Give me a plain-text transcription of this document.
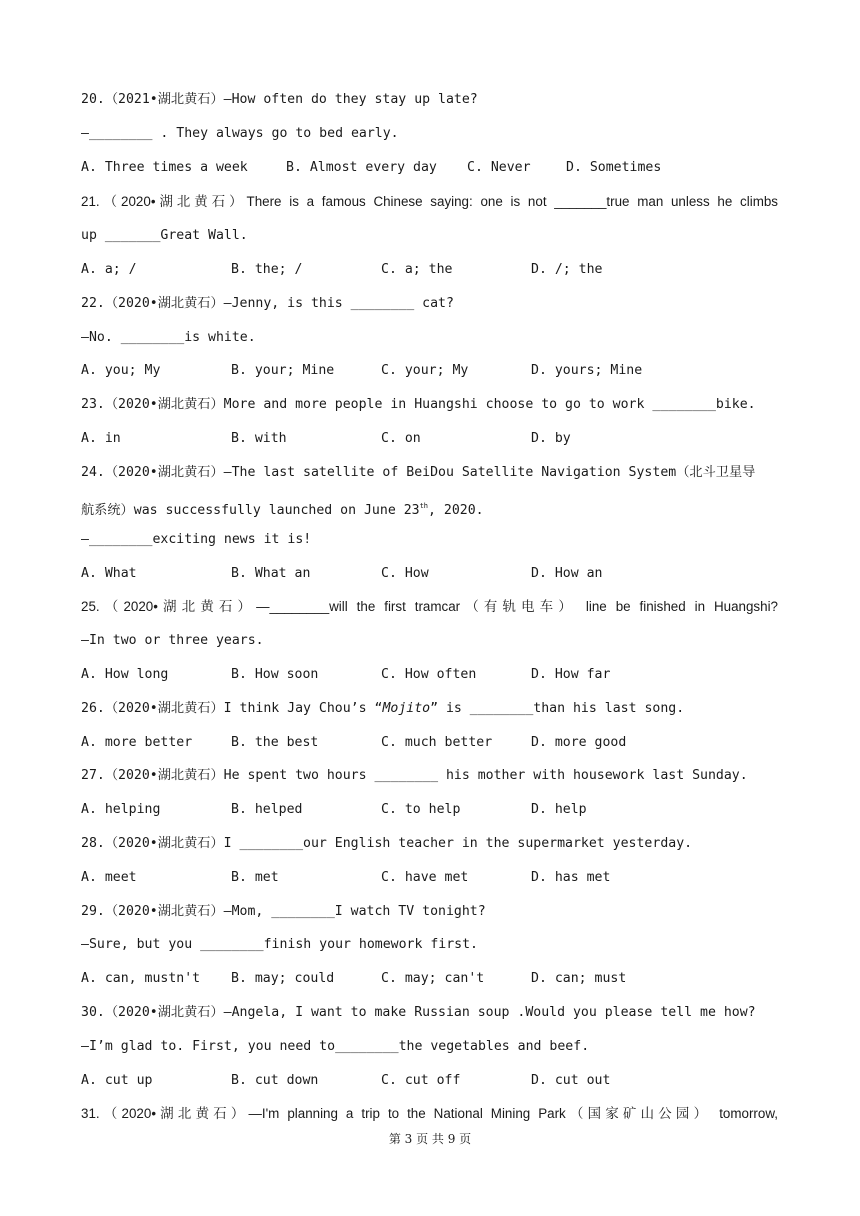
20.（2021•湖北黄石）—How often do they stay up late?
—________ . They always go to bed early.
A. Three times a week	B. Almost every day C. Never	D. Sometimes
21.（2020•湖北黄石）There is a famous Chinese saying: one is not _______true man unless he climbs
up _______Great Wall.
A. a; /	B. the; /	C. a; the	D. /; the
22.（2020•湖北黄石）—Jenny, is this ________ cat?
—No. ________is white.
A. you; My	B. your; Mine	C. your; My	D. yours; Mine
23.（2020•湖北黄石）More and more people in Huangshi choose to go to work ________bike.
A. in	B. with	C. on	D. by
24.（2020•湖北黄石）—The last satellite of BeiDou Satellite Navigation System（北斗卫星导
航系统）was successfully launched on June 23th, 2020.
—________exciting news it is!
A. What	B. What an	C. How	D. How an
25.（2020•湖北黄石）—________will the first tramcar（有轨电车） line be finished in Huangshi?
—In two or three years.
A. How long	B. How soon	C. How often	D. How far
26.（2020•湖北黄石）I think Jay Chou’s “Mojito” is ________than his last song.
A. more better	B. the best	C. much better	D. more good
27.（2020•湖北黄石）He spent two hours ________ his mother with housework last Sunday.
A. helping	B. helped	C. to help	D. help
28.（2020•湖北黄石）I ________our English teacher in the supermarket yesterday.
A. meet	B. met	C. have met	D. has met
29.（2020•湖北黄石）—Mom, ________I watch TV tonight?
—Sure, but you ________finish your homework first.
A. can, mustn't B. may; could	C. may; can't	D. can; must
30.（2020•湖北黄石）—Angela, I want to make Russian soup .Would you please tell me how?
—I’m glad to. First, you need to________the vegetables and beef.
A. cut up	B. cut down	C. cut off	D. cut out
31.（2020•湖北黄石）—I'm planning a trip to the National Mining Park（国家矿山公园） tomorrow,
第 3 页 共 9 页
